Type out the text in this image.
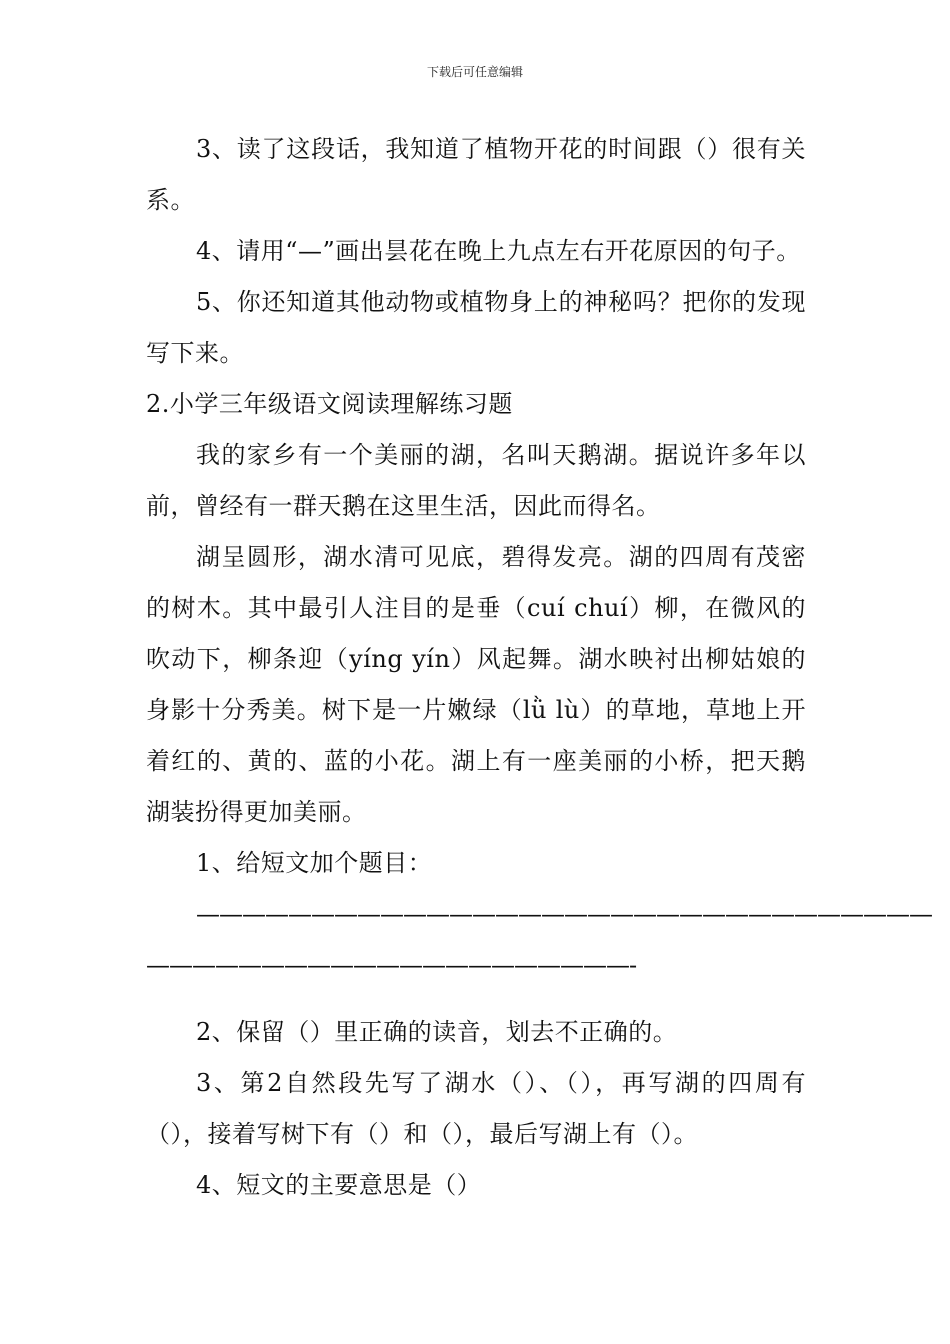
下载后可任意编辑

3、读了这段话，我知道了植物开花的时间跟（）很有关系。

4、请用“—”画出昙花在晚上九点左右开花原因的句子。

5、你还知道其他动物或植物身上的神秘吗？把你的发现写下来。

2.小学三年级语文阅读理解练习题

我的家乡有一个美丽的湖，名叫天鹅湖。据说许多年以前，曾经有一群天鹅在这里生活，因此而得名。

湖呈圆形，湖水清可见底，碧得发亮。湖的四周有茂密的树木。其中最引人注目的是垂（cuí chuí）柳，在微风的吹动下，柳条迎（yíng yín）风起舞。湖水映衬出柳姑娘的身影十分秀美。树下是一片嫩绿（lǜ lù）的草地，草地上开着红的、黄的、蓝的小花。湖上有一座美丽的小桥，把天鹅湖装扮得更加美丽。

1、给短文加个题目：

————————————————————————————————

—————————————————————-

2、保留（）里正确的读音，划去不正确的。

3、第2自然段先写了湖水（）、（），再写湖的四周有（），接着写树下有（）和（），最后写湖上有（）。

4、短文的主要意思是（）
